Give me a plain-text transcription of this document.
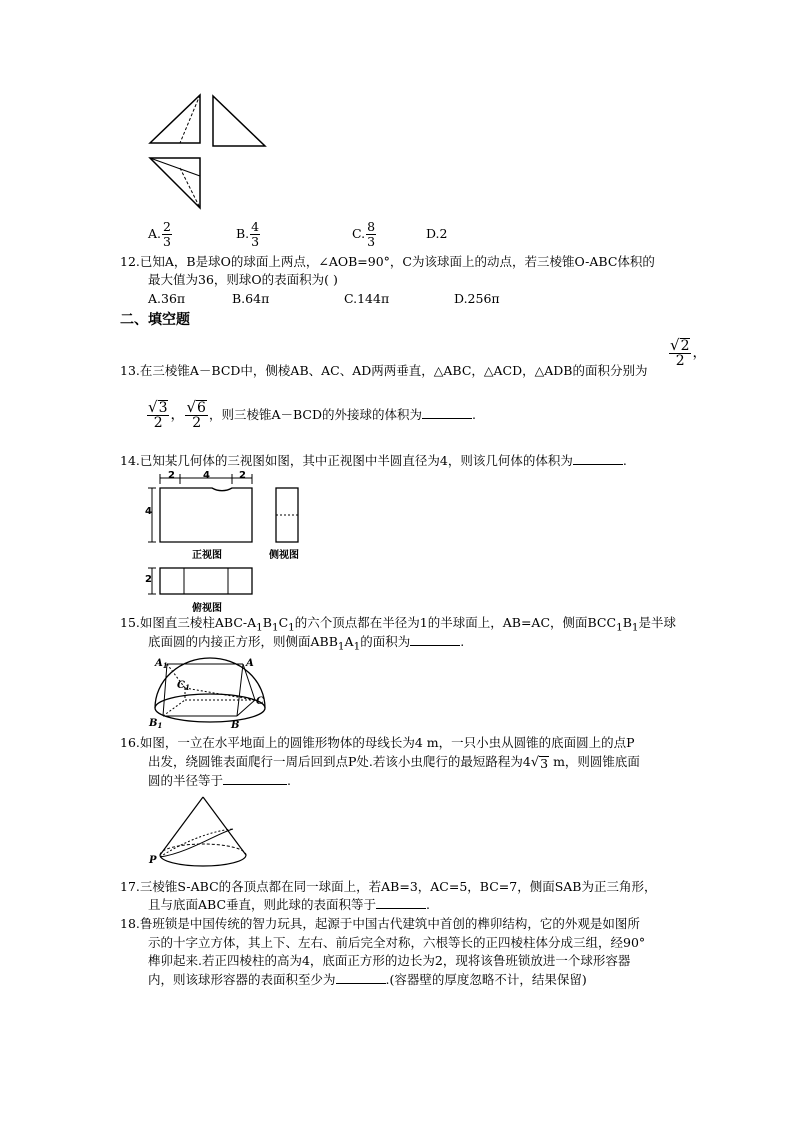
A. $\frac{2}{3}$	B. $\frac{4}{3}$	C. $\frac{8}{3}$	D.2
12.已知A，B是球O的球面上两点，∠AOB=90°，C为该球面上的动点，若三棱锥O-ABC体积的
最大值为36，则球O的表面积为( )
A.36π	B.64π	C.144π	D.256π
二、填空题
13.在三棱锥A－BCD中，侧棱AB、AC、AD两两垂直，△ABC，△ACD，△ADB的面积分别为
$\frac{√ 2}{2}$ ，
$\frac{√ 3}{2}$ ， $\frac{√ 6}{2}$ ，则三棱锥A－BCD的外接球的体积为	.
14.已知某几何体的三视图如图，其中正视图中半圆直径为4，则该几何体的体积为	.
2	4	2
4
2
正视图	侧视图
俯视图
15.如图直三棱柱ABC-$A_1B_1C_1$的六个顶点都在半径为1的半球面上，AB=AC，侧面$BCC_1B_1$是半球
底面圆的内接正方形，则侧面$ABB_1A_1$的面积为	.
$A_1$	A
$C_1$
$B_1$	B
C
16.如图，一立在水平地面上的圆锥形物体的母线长为4 m，一只小虫从圆锥的底面圆上的点P
出发，绕圆锥表面爬行一周后回到点P处.若该小虫爬行的最短路程为4 √ 3 m，则圆锥底面
圆的半径等于	.
P
17.三棱锥S-ABC的各顶点都在同一球面上，若AB=3，AC=5，BC=7，侧面SAB为正三角形，
且与底面ABC垂直，则此球的表面积等于	.
18.鲁班锁是中国传统的智力玩具，起源于中国古代建筑中首创的榫卯结构，它的外观是如图所
示的十字立方体，其上下、左右、前后完全对称，六根等长的正四棱柱体分成三组，经90°
榫卯起来.若正四棱柱的高为4，底面正方形的边长为2，现将该鲁班锁放进一个球形容器
内，则该球形容器的表面积至少为	.(容器壁的厚度忽略不计，结果保留)
